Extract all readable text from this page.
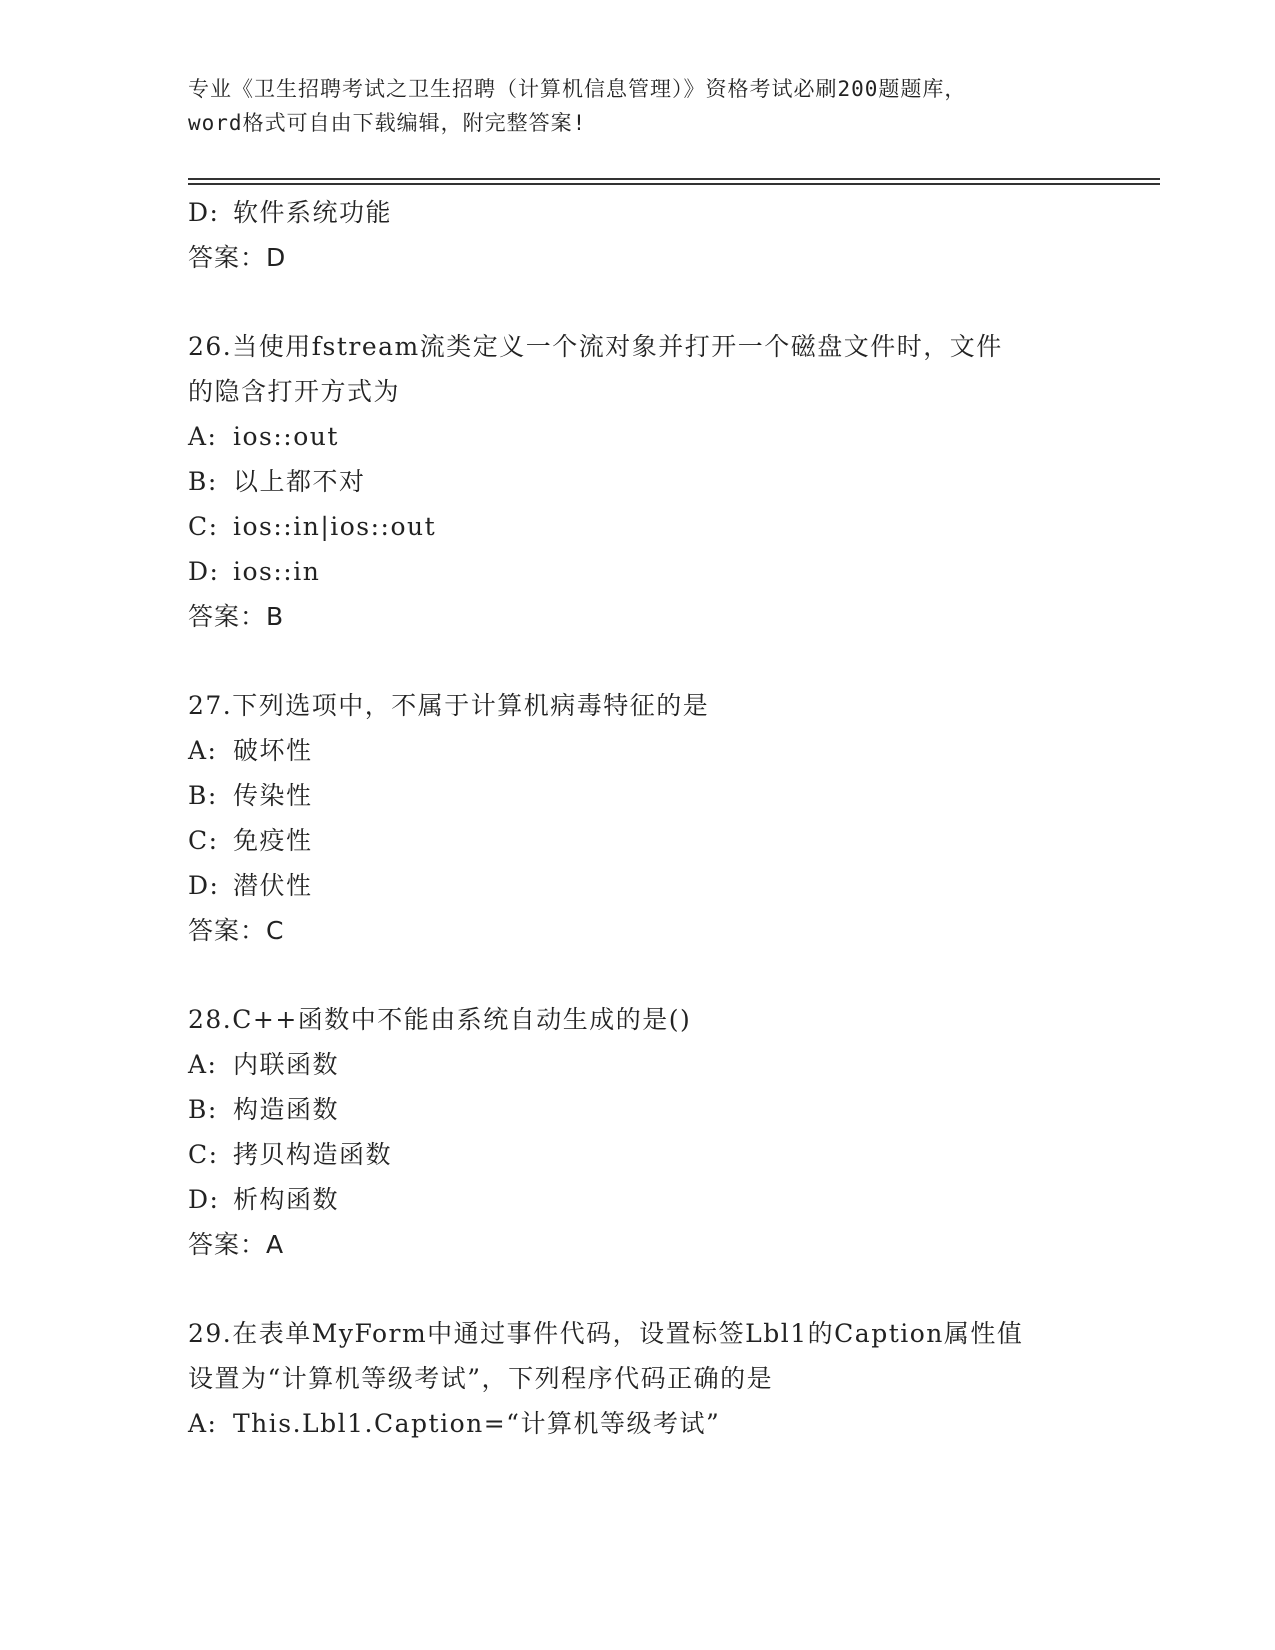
专业《卫生招聘考试之卫生招聘（计算机信息管理）》资格考试必刷200题题库，
word格式可自由下载编辑，附完整答案!
D: 软件系统功能
答案：D
26.当使用fstream流类定义一个流对象并打开一个磁盘文件时，文件
的隐含打开方式为
A: ios::out
B: 以上都不对
C: ios::in|ios::out
D: ios::in
答案：B
27.下列选项中，不属于计算机病毒特征的是
A: 破坏性
B: 传染性
C: 免疫性
D: 潜伏性
答案：C
28.C++函数中不能由系统自动生成的是()
A: 内联函数
B: 构造函数
C: 拷贝构造函数
D: 析构函数
答案：A
29.在表单MyForm中通过事件代码，设置标签Lbl1的Caption属性值
设置为“计算机等级考试”，下列程序代码正确的是
A: This.Lbl1.Caption=“计算机等级考试”
